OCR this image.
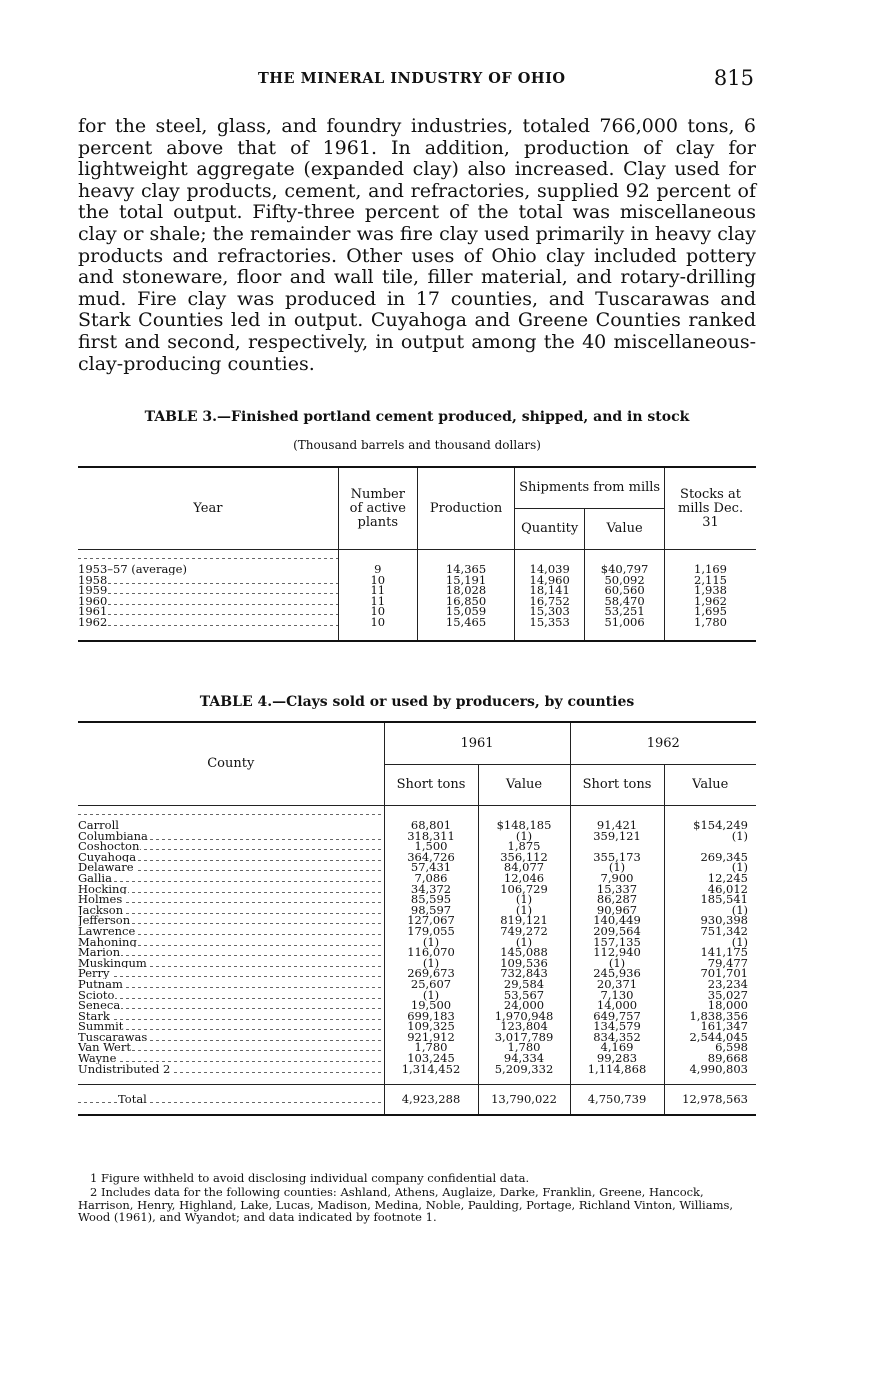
THE MINERAL INDUSTRY OF OHIO	815

for the steel, glass, and foundry industries, totaled 766,000 tons, 6 percent above that of 1961. In addition, production of clay for lightweight aggregate (expanded clay) also increased. Clay used for heavy clay products, cement, and refractories, supplied 92 percent of the total output. Fifty-three percent of the total was miscellaneous clay or shale; the remainder was fire clay used primarily in heavy clay products and refractories. Other uses of Ohio clay included pottery and stoneware, floor and wall tile, filler material, and rotary-drilling mud. Fire clay was produced in 17 counties, and Tuscarawas and Stark Counties led in output. Cuyahoga and Greene Counties ranked first and second, respectively, in output among the 40 miscellaneous-clay-producing counties.

TABLE 3.—Finished portland cement produced, shipped, and in stock

(Thousand barrels and thousand dollars)

Year	Number of active plants	Production	Shipments from mills		Stocks at mills Dec. 31
			Quantity	Value	
1953–57 (average)	9	14,365	14,039	$40,797	1,169
1958	10	15,191	14,960	50,092	2,115
1959	11	18,028	18,141	60,560	1,938
1960	11	16,850	16,752	58,470	1,962
1961	10	15,059	15,303	53,251	1,695
1962	10	15,465	15,353	51,006	1,780
TABLE 4.—Clays sold or used by producers, by counties
County	1961		1962	
	Short tons	Value	Short tons	Value
Carroll	68,801	$148,185	91,421	$154,249
Columbiana	318,311	(1)	359,121	(1)
Coshocton	1,500	1,875		
Cuyahoga	364,726	356,112	355,173	269,345
Delaware	57,431	84,077	(1)	(1)
Gallia	7,086	12,046	7,900	12,245
Hocking	34,372	106,729	15,337	46,012
Holmes	85,595	(1)	86,287	185,541
Jackson	98,597	(1)	90,967	(1)
Jefferson	127,067	819,121	140,449	930,398
Lawrence	179,055	749,272	209,564	751,342
Mahoning	(1)	(1)	157,135	(1)
Marion	116,070	145,088	112,940	141,175
Muskingum	(1)	109,536	(1)	79,477
Perry	269,673	732,843	245,936	701,701
Putnam	25,607	29,584	20,371	23,234
Scioto	(1)	53,567	7,130	35,027
Seneca	19,500	24,000	14,000	18,000
Stark	699,183	1,970,948	649,757	1,838,356
Summit	109,325	123,804	134,579	161,347
Tuscarawas	921,912	3,017,789	834,352	2,544,045
Van Wert	1,780	1,780	4,169	6,598
Wayne	103,245	94,334	99,283	89,668
Undistributed 2	1,314,452	5,209,332	1,114,868	4,990,803
Total	4,923,288	13,790,022	4,750,739	12,978,563

1 Figure withheld to avoid disclosing individual company confidential data.

2 Includes data for the following counties: Ashland, Athens, Auglaize, Darke, Franklin, Greene, Hancock, Harrison, Henry, Highland, Lake, Lucas, Madison, Medina, Noble, Paulding, Portage, Richland Vinton, Williams, Wood (1961), and Wyandot; and data indicated by footnote 1.
